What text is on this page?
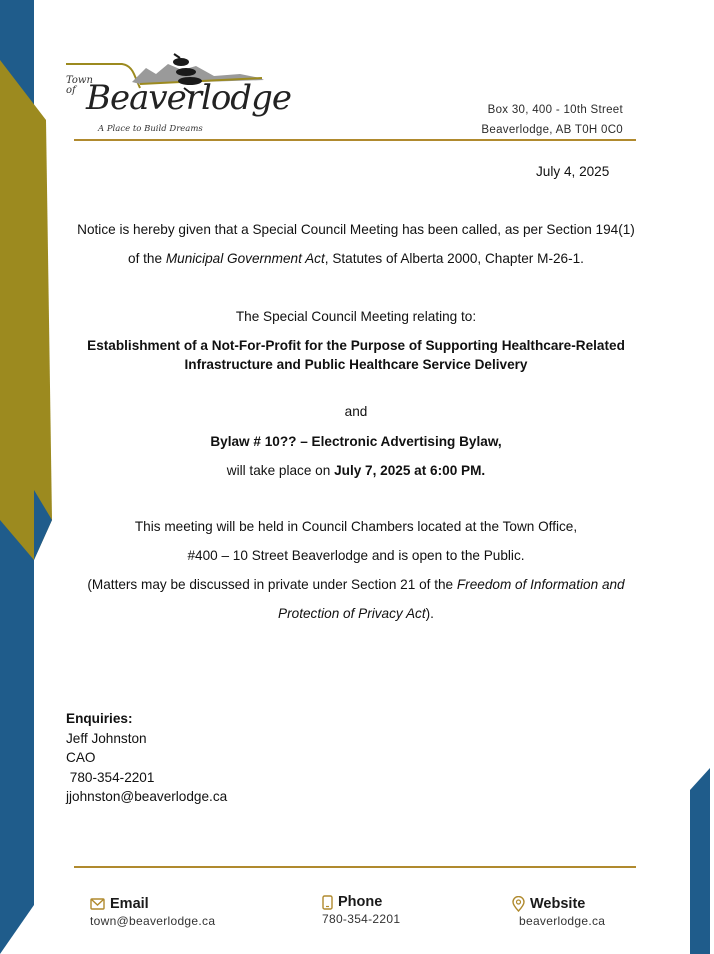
Town
of Beaverlodge
A Place to Build Dreams
Box 30, 400 - 10th Street
Beaverlodge, AB T0H 0C0
July 4, 2025
Notice is hereby given that a Special Council Meeting has been called, as per Section 194(1)
of the Municipal Government Act, Statutes of Alberta 2000, Chapter M-26-1.
The Special Council Meeting relating to:
Establishment of a Not-For-Profit for the Purpose of Supporting Healthcare-Related
Infrastructure and Public Healthcare Service Delivery
and
Bylaw # 10?? – Electronic Advertising Bylaw,
will take place on July 7, 2025 at 6:00 PM.
This meeting will be held in Council Chambers located at the Town Office,
#400 – 10 Street Beaverlodge and is open to the Public.
(Matters may be discussed in private under Section 21 of the Freedom of Information and
Protection of Privacy Act).
Enquiries:
Jeff Johnston
CAO
780-354-2201
jjohnston@beaverlodge.ca
Email
town@beaverlodge.ca
Phone
780-354-2201
Website
beaverlodge.ca
